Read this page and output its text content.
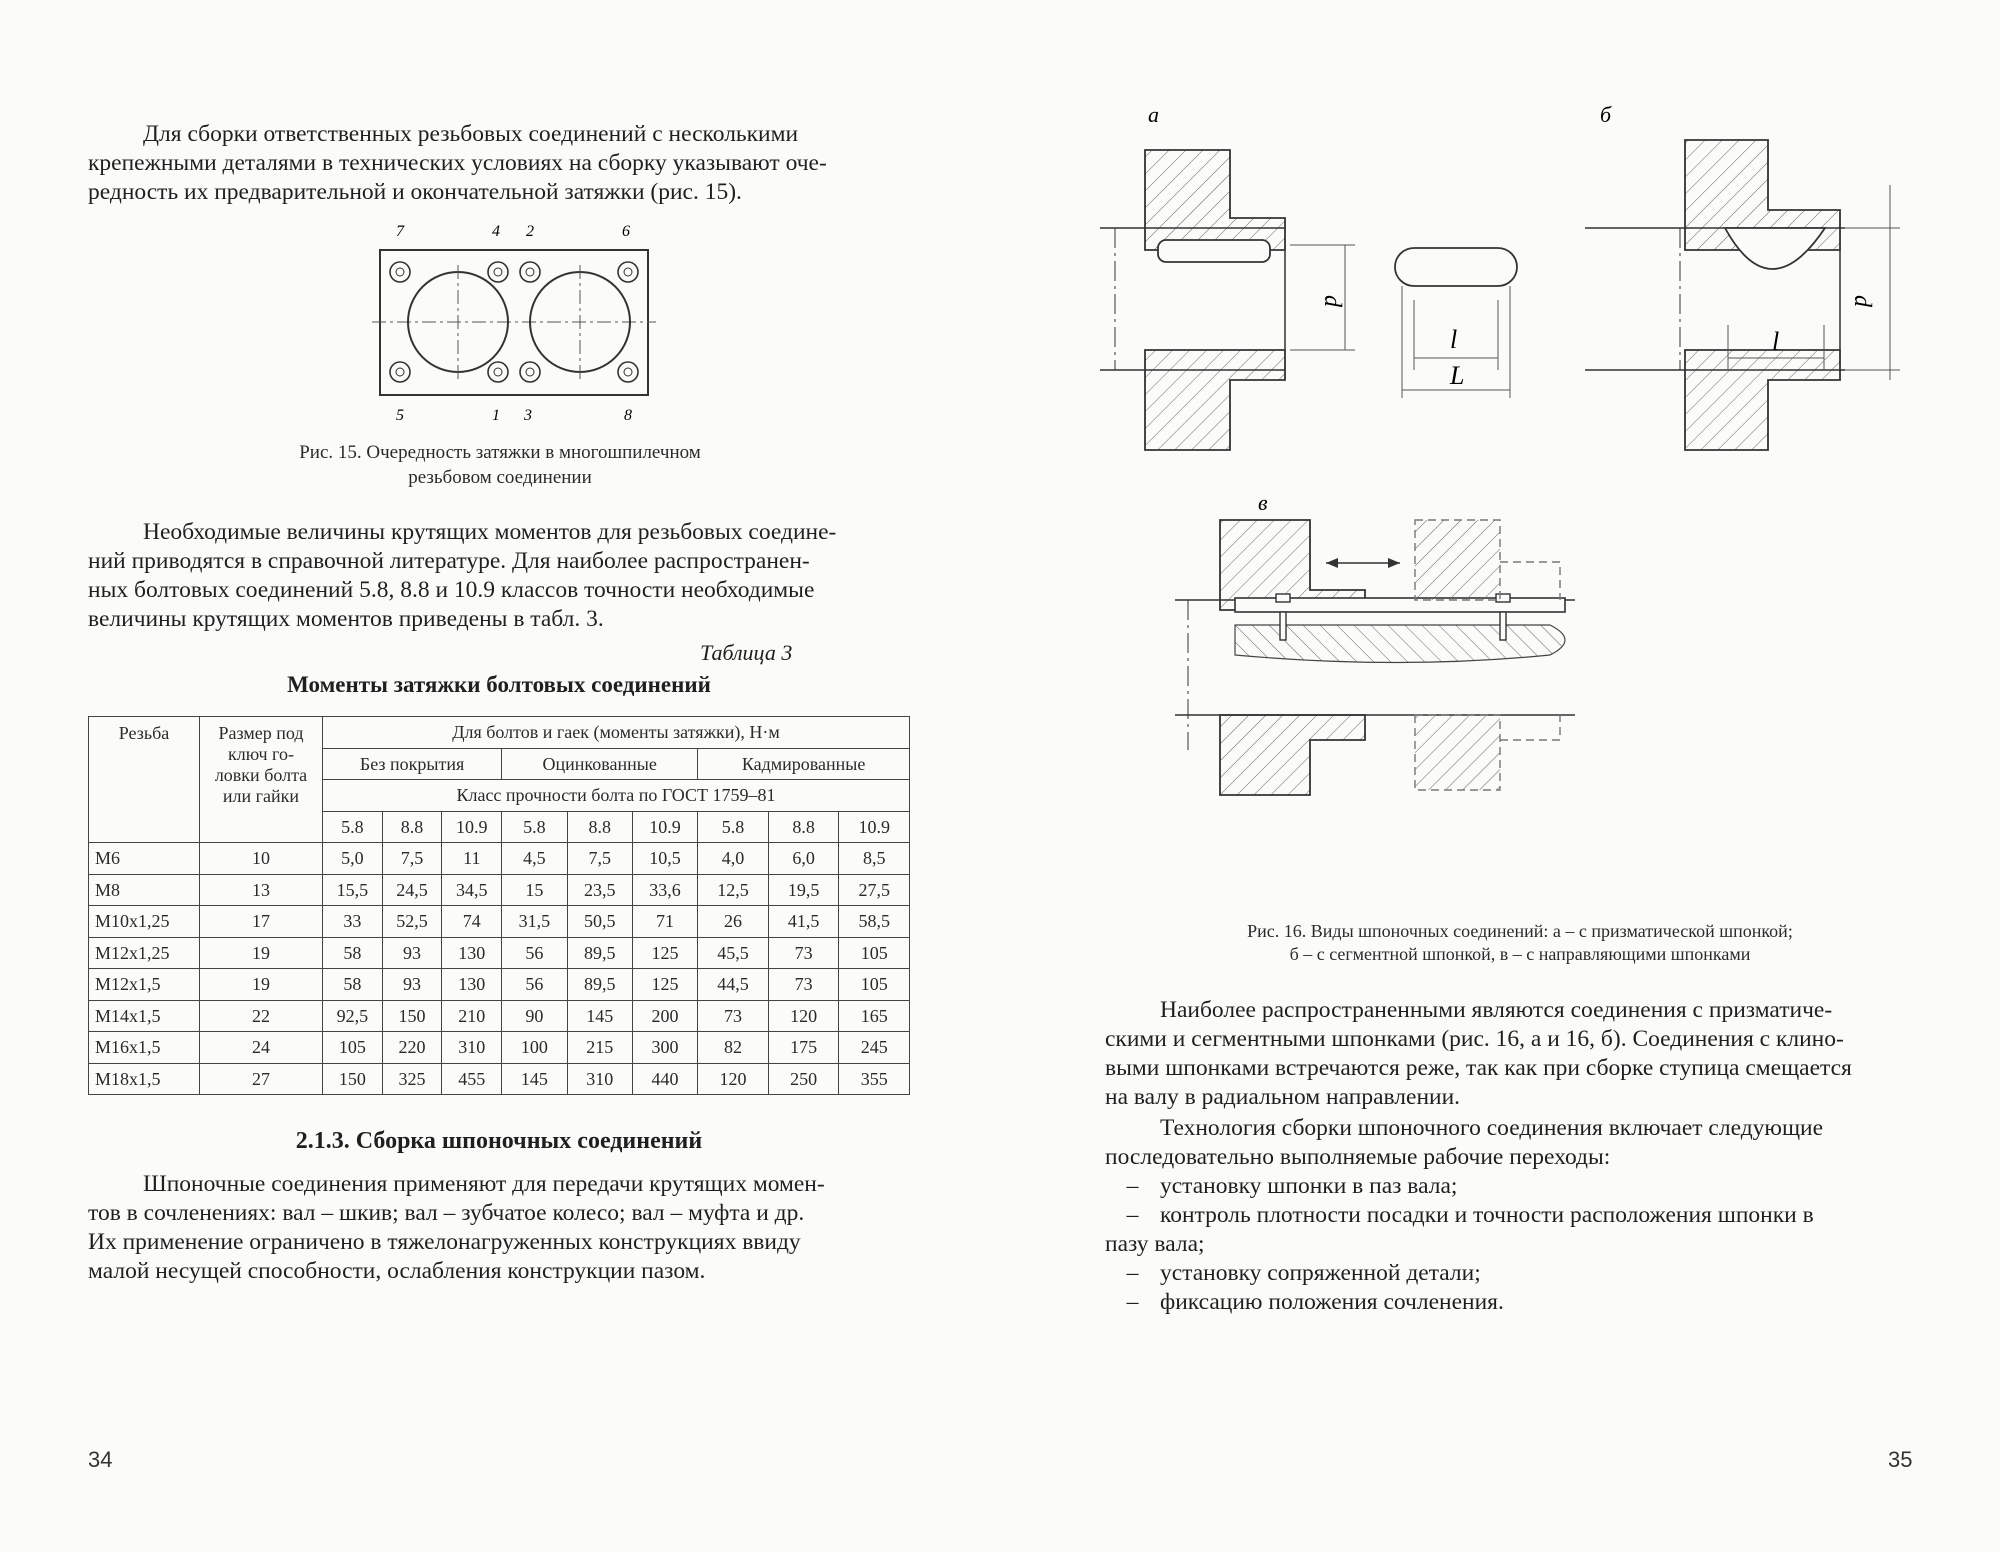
Для сборки ответственных резьбовых соединений с несколькими
крепежными деталями в технических условиях на сборку указывают оче-
редность их предварительной и окончательной затяжки (рис. 15).
7	4 2	6
5	1 3	8
Рис. 15. Очередность затяжки в многошпилечном
резьбовом соединении
Необходимые величины крутящих моментов для резьбовых соедине-
ний приводятся в справочной литературе. Для наиболее распространен-
ных болтовых соединений 5.8, 8.8 и 10.9 классов точности необходимые
величины крутящих моментов приведены в табл. 3.
Таблица 3
Моменты затяжки болтовых соединений
Резьба	Размер под
ключ го-
ловки болта
или гайки	Для болтов и гаек (моменты затяжки), Н·м								
		Без покрытия			Оцинкованные			Кадмированные		
		Класс прочности болта по ГОСТ 1759–81								
		5.8	8.8	10.9	5.8	8.8	10.9	5.8	8.8	10.9
М6	10	5,0	7,5	11	4,5	7,5	10,5	4,0	6,0	8,5
М8	13	15,5	24,5	34,5	15	23,5	33,6	12,5	19,5	27,5
М10х1,25	17	33	52,5	74	31,5	50,5	71	26	41,5	58,5
М12х1,25	19	58	93	130	56	89,5	125	45,5	73	105
М12х1,5	19	58	93	130	56	89,5	125	44,5	73	105
М14х1,5	22	92,5	150	210	90	145	200	73	120	165
М16х1,5	24	105	220	310	100	215	300	82	175	245
М18х1,5	27	150	325	455	145	310	440	120	250	355
2.1.3. Сборка шпоночных соединений
Шпоночные соединения применяют для передачи крутящих момен-
тов в сочленениях: вал – шкив; вал – зубчатое колесо; вал – муфта и др.
Их применение ограничено в тяжелонагруженных конструкциях ввиду
малой несущей способности, ослабления конструкции пазом.
34
а	б
в
d
l
L
l
d
Рис. 16. Виды шпоночных соединений: а – с призматической шпонкой;
б – с сегментной шпонкой, в – с направляющими шпонками
Наиболее распространенными являются соединения с призматиче-
скими и сегментными шпонками (рис. 16, а и 16, б). Соединения с клино-
выми шпонками встречаются реже, так как при сборке ступица смещается
на валу в радиальном направлении.
Технология сборки шпоночного соединения включает следующие
последовательно выполняемые рабочие переходы:
– установку шпонки в паз вала;
– контроль плотности посадки и точности расположения шпонки в
пазу вала;
– установку сопряженной детали;
– фиксацию положения сочленения.
35
